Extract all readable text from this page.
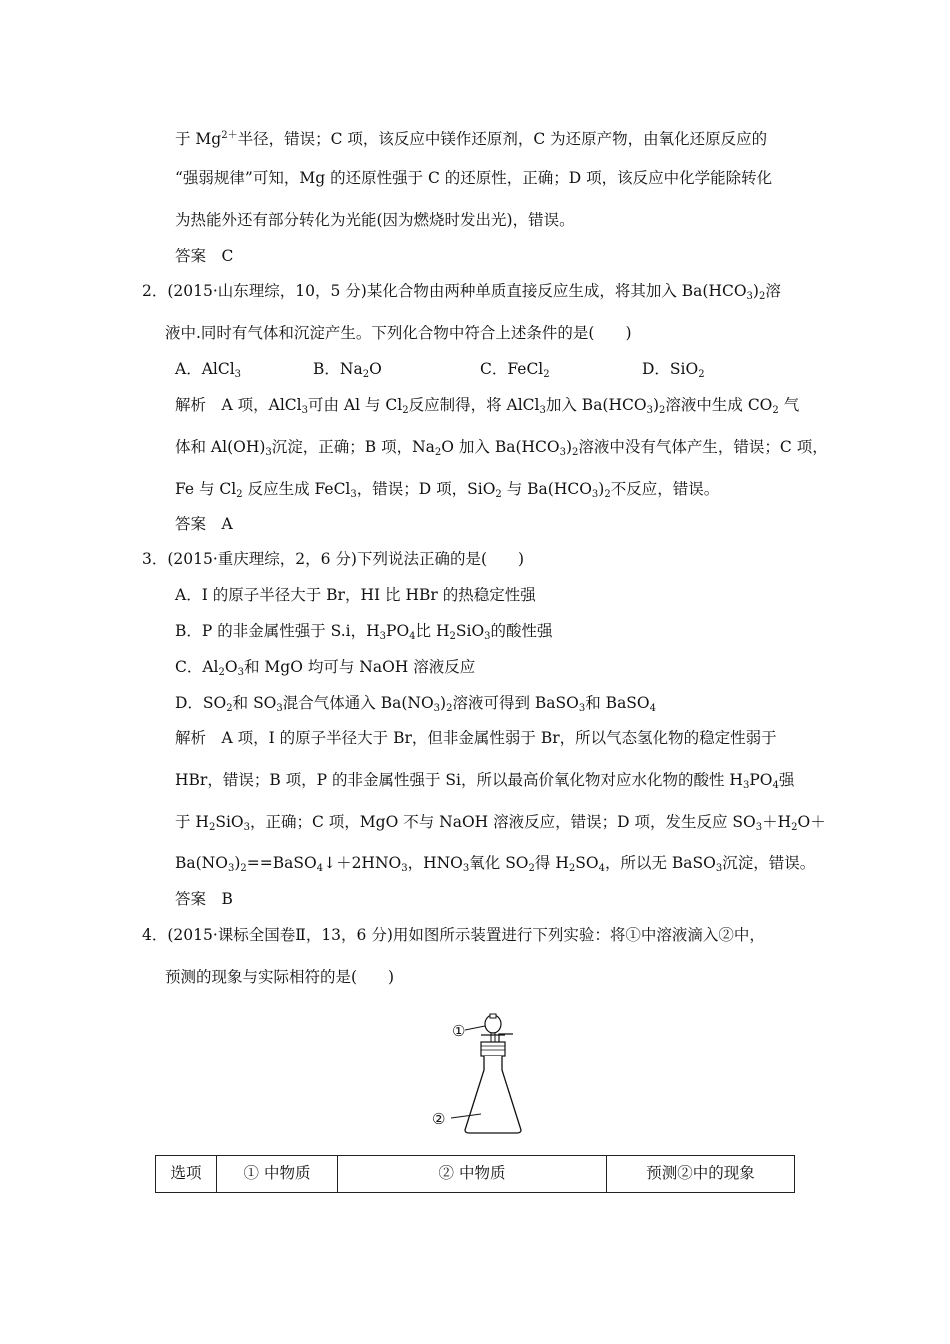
于 $Mg^{2+}$半径，错误；C 项，该反应中镁作还原剂，C 为还原产物，由氧化还原反应的
“强弱规律”可知，Mg 的还原性强于 C 的还原性，正确；D 项，该反应中化学能除转化
为热能外还有部分转化为光能(因为燃烧时发出光)，错误。
答案　C
2．(2015·山东理综，10，5 分)某化合物由两种单质直接反应生成，将其加入 $Ba(HCO_3)_2$溶
液中.同时有气体和沉淀产生。下列化合物中符合上述条件的是(　　)
A．AlCl$_3$	B．$Na_2O$	C．FeCl$_2$	D．SiO$_2$
解析　A 项，AlCl$_3$可由 Al 与 $Cl_2$反应制得，将 AlCl$_3$加入 $Ba(HCO_3)_2$溶液中生成 $CO_2$ 气
体和 $Al(OH)_3$沉淀，正确；B 项，$Na_2O$ 加入 $Ba(HCO_3)_2$溶液中没有气体产生，错误；C 项，
Fe 与 $Cl_2$ 反应生成 FeCl$_3$，错误；D 项，SiO$_2$ 与 $Ba(HCO_3)_2$不反应，错误。
答案　A
3．(2015·重庆理综，2，6 分)下列说法正确的是(　　)
A．I 的原子半径大于 Br，HI 比 HBr 的热稳定性强
B．P 的非金属性强于 S.i，$H_3PO_4$比 $H_2SiO_3$的酸性强
C．$Al_2O_3$和 MgO 均可与 NaOH 溶液反应
D．$SO_2$和 $SO_3$混合气体通入 $Ba(NO_3)_2$溶液可得到 BaSO$_3$和 BaSO$_4$
解析　A 项，I 的原子半径大于 Br，但非金属性弱于 Br，所以气态氢化物的稳定性弱于
HBr，错误；B 项，P 的非金属性强于 Si，所以最高价氧化物对应水化物的酸性 $H_3PO_4$强
于 $H_2SiO_3$，正确；C 项，MgO 不与 NaOH 溶液反应，错误；D 项，发生反应 $SO_3+H_2O+$
$Ba(NO_3)_2==BaSO_4↓+2HNO_3$，$HNO_3$氧化 $SO_2$得 $H_2SO_4$，所以无 BaSO$_3$沉淀，错误。
答案　B
4．(2015·课标全国卷Ⅱ，13，6 分)用如图所示装置进行下列实验：将①中溶液滴入②中，
预测的现象与实际相符的是(　　)
①
②
选项	① 中物质	② 中物质	预测②中的现象
